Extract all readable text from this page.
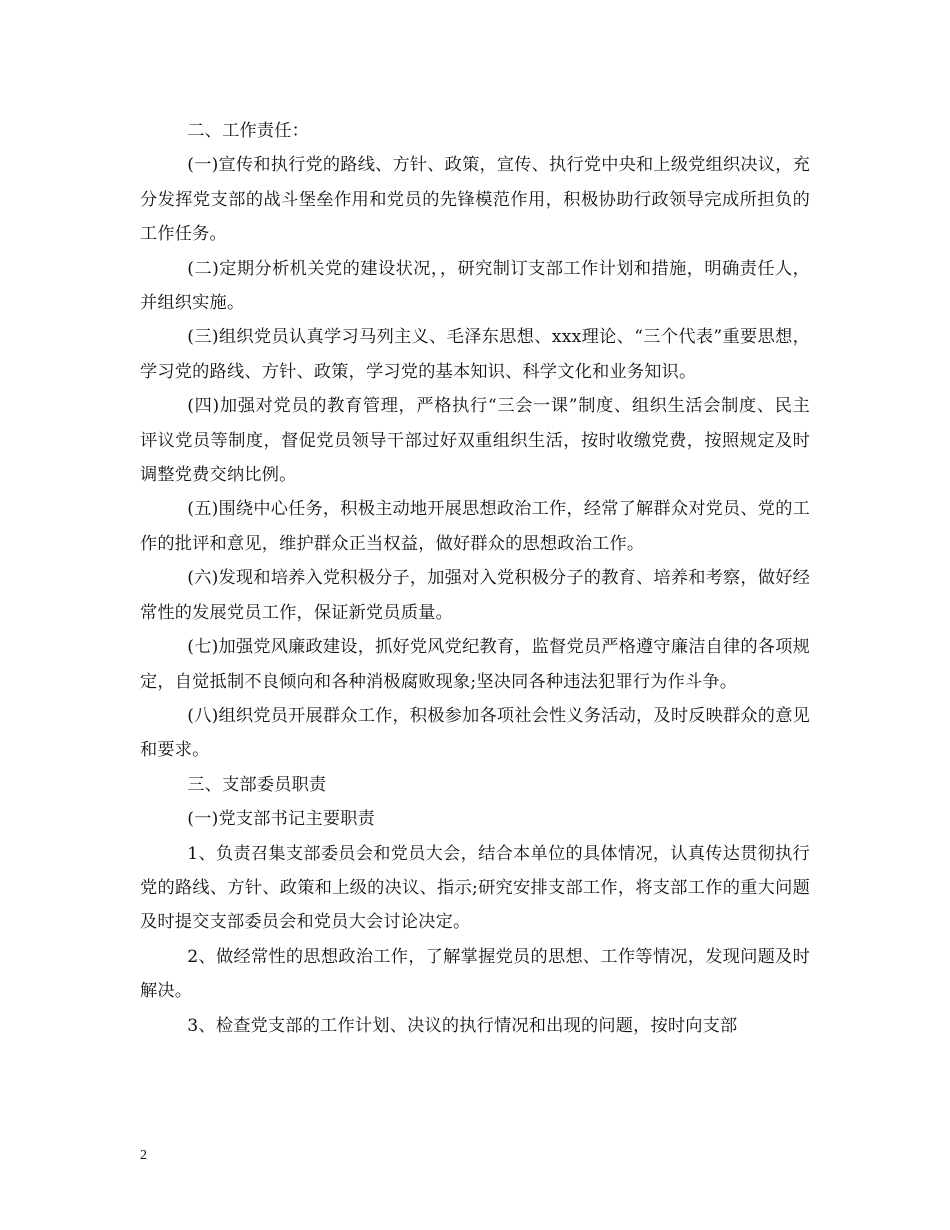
二、工作责任：

(一)宣传和执行党的路线、方针、政策，宣传、执行党中央和上级党组织决议，充分发挥党支部的战斗堡垒作用和党员的先锋模范作用，积极协助行政领导完成所担负的工作任务。

(二)定期分析机关党的建设状况，，研究制订支部工作计划和措施，明确责任人，并组织实施。

(三)组织党员认真学习马列主义、毛泽东思想、xxx理论、“三个代表”重要思想，学习党的路线、方针、政策，学习党的基本知识、科学文化和业务知识。

(四)加强对党员的教育管理，严格执行“三会一课”制度、组织生活会制度、民主评议党员等制度，督促党员领导干部过好双重组织生活，按时收缴党费，按照规定及时调整党费交纳比例。

(五)围绕中心任务，积极主动地开展思想政治工作，经常了解群众对党员、党的工作的批评和意见，维护群众正当权益，做好群众的思想政治工作。

(六)发现和培养入党积极分子，加强对入党积极分子的教育、培养和考察，做好经常性的发展党员工作，保证新党员质量。

(七)加强党风廉政建设，抓好党风党纪教育，监督党员严格遵守廉洁自律的各项规定，自觉抵制不良倾向和各种消极腐败现象;坚决同各种违法犯罪行为作斗争。

(八)组织党员开展群众工作，积极参加各项社会性义务活动，及时反映群众的意见和要求。

三、支部委员职责

(一)党支部书记主要职责

1、负责召集支部委员会和党员大会，结合本单位的具体情况，认真传达贯彻执行党的路线、方针、政策和上级的决议、指示;研究安排支部工作，将支部工作的重大问题及时提交支部委员会和党员大会讨论决定。

2、做经常性的思想政治工作，了解掌握党员的思想、工作等情况，发现问题及时解决。

3、检查党支部的工作计划、决议的执行情况和出现的问题，按时向支部

2
